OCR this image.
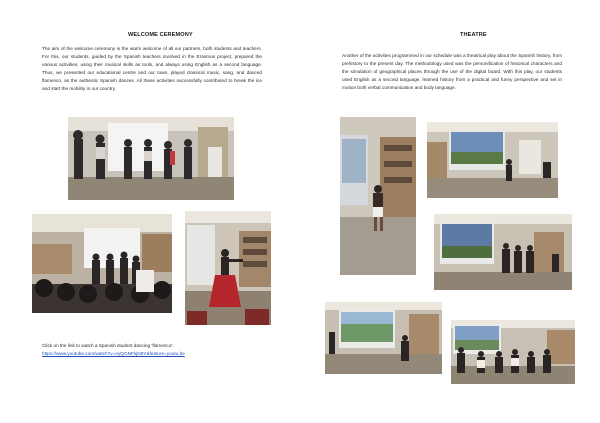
WELCOME CEREMONY

The aim of the welcome ceremony is the warm welcome of all our partners, both students and teachers. For this, our students, guided by the Spanish teachers involved in the Erasmus project, prepared the various activities, using their musical skills as tools, and always using English as a second language. Thus, we presented our educational centre and our town, played classical music, sang, and danced flamenco, as the authentic Spanish dances. All these activities successfully contributed to break the ice and start the mobility in our country.

Click on the link to watch a Spanish student dancing 'flamenco':
https://www.youtube.com/watch?v=nyQGNFkjN8Y&feature=youtu.be
THEATRE

Another of the activities programmed in our schedule was a theatrical play about the Spanish history, from prehistory to the present day. The methodology used was the personification of historical characters and the simulation of geographical places through the use of the digital board. With this play, our students used English as a second language, learned history from a practical and funny perspective and set in motion both verbal communication and body language.
